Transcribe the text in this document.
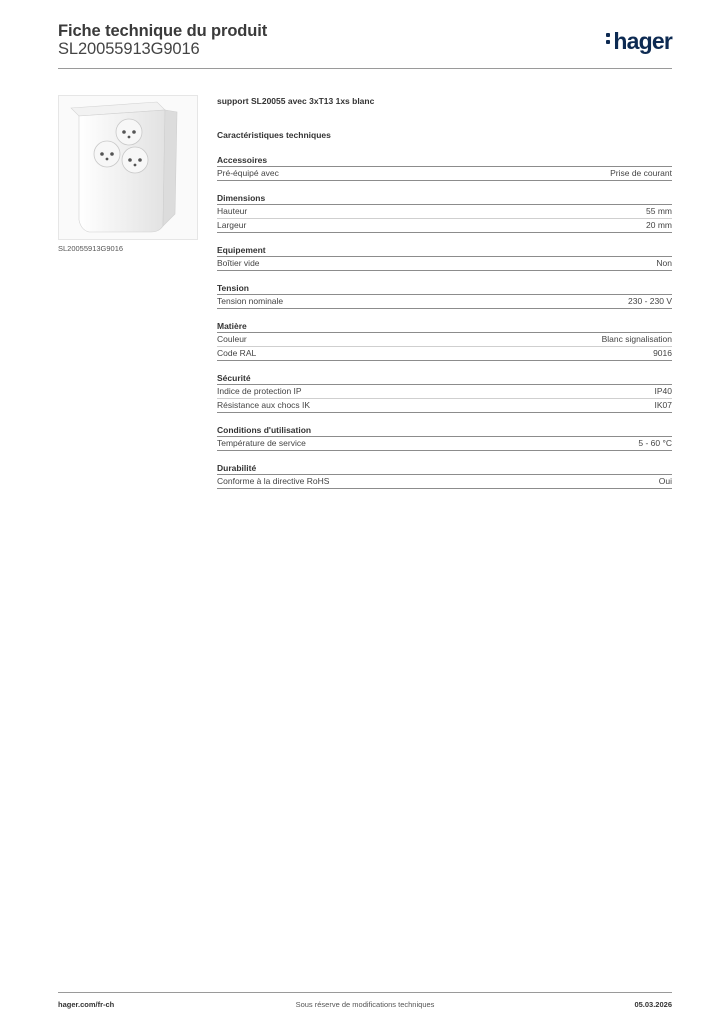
Fiche technique du produit
SL20055913G9016	hager
SL20055913G9016
support SL20055 avec 3xT13 1xs blanc
Caractéristiques techniques
Accessoires
Pré-équipé avec	Prise de courant
Dimensions
Hauteur	55 mm
Largeur	20 mm
Equipement
Boîtier vide	Non
Tension
Tension nominale	230 - 230 V
Matière
Couleur	Blanc signalisation
Code RAL	9016
Sécurité
Indice de protection IP	IP40
Résistance aux chocs IK	IK07
Conditions d'utilisation
Température de service	5 - 60 °C
Durabilité
Conforme à la directive RoHS	Oui
hager.com/fr-ch	Sous réserve de modifications techniques	05.03.2026
